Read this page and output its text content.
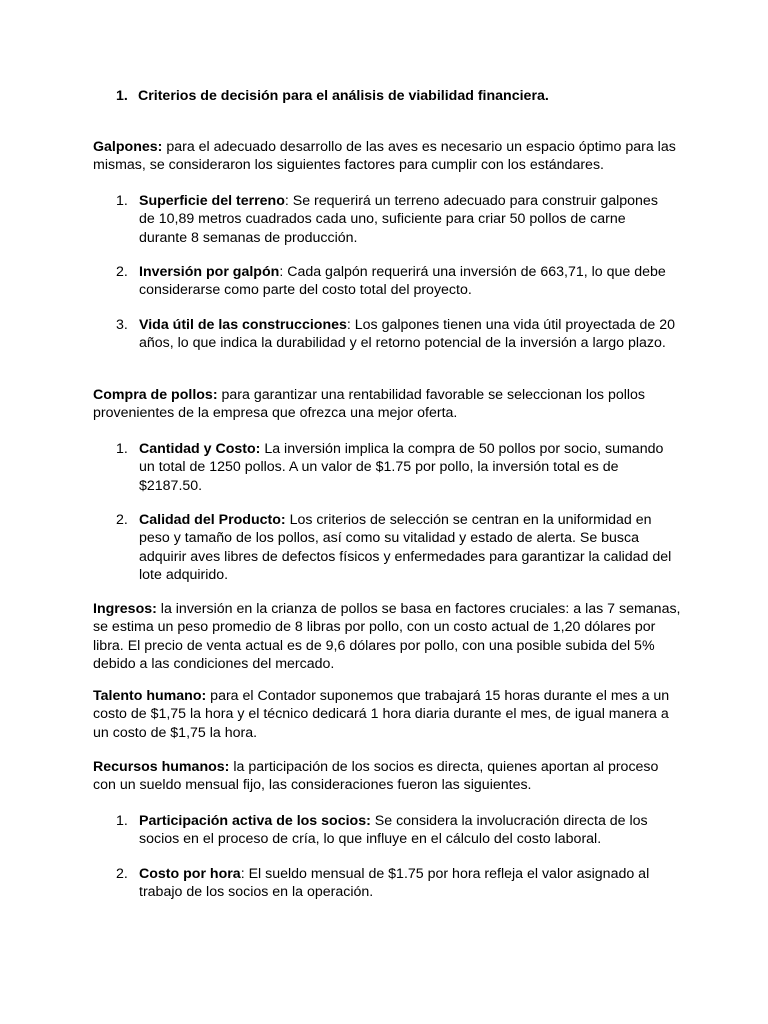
1. Criterios de decisión para el análisis de viabilidad financiera.

Galpones: para el adecuado desarrollo de las aves es necesario un espacio óptimo para las mismas, se consideraron los siguientes factores para cumplir con los estándares.

1. Superficie del terreno: Se requerirá un terreno adecuado para construir galpones de 10,89 metros cuadrados cada uno, suficiente para criar 50 pollos de carne durante 8 semanas de producción.
2. Inversión por galpón: Cada galpón requerirá una inversión de 663,71, lo que debe considerarse como parte del costo total del proyecto.
3. Vida útil de las construcciones: Los galpones tienen una vida útil proyectada de 20 años, lo que indica la durabilidad y el retorno potencial de la inversión a largo plazo.

Compra de pollos: para garantizar una rentabilidad favorable se seleccionan los pollos provenientes de la empresa que ofrezca una mejor oferta.

1. Cantidad y Costo: La inversión implica la compra de 50 pollos por socio, sumando un total de 1250 pollos. A un valor de $1.75 por pollo, la inversión total es de $2187.50.
2. Calidad del Producto: Los criterios de selección se centran en la uniformidad en peso y tamaño de los pollos, así como su vitalidad y estado de alerta. Se busca adquirir aves libres de defectos físicos y enfermedades para garantizar la calidad del lote adquirido.

Ingresos: la inversión en la crianza de pollos se basa en factores cruciales: a las 7 semanas, se estima un peso promedio de 8 libras por pollo, con un costo actual de 1,20 dólares por libra. El precio de venta actual es de 9,6 dólares por pollo, con una posible subida del 5% debido a las condiciones del mercado.

Talento humano: para el Contador suponemos que trabajará 15 horas durante el mes a un costo de $1,75 la hora y el técnico dedicará 1 hora diaria durante el mes, de igual manera a un costo de $1,75 la hora.

Recursos humanos: la participación de los socios es directa, quienes aportan al proceso con un sueldo mensual fijo, las consideraciones fueron las siguientes.

1. Participación activa de los socios: Se considera la involucración directa de los socios en el proceso de cría, lo que influye en el cálculo del costo laboral.
2. Costo por hora: El sueldo mensual de $1.75 por hora refleja el valor asignado al trabajo de los socios en la operación.
